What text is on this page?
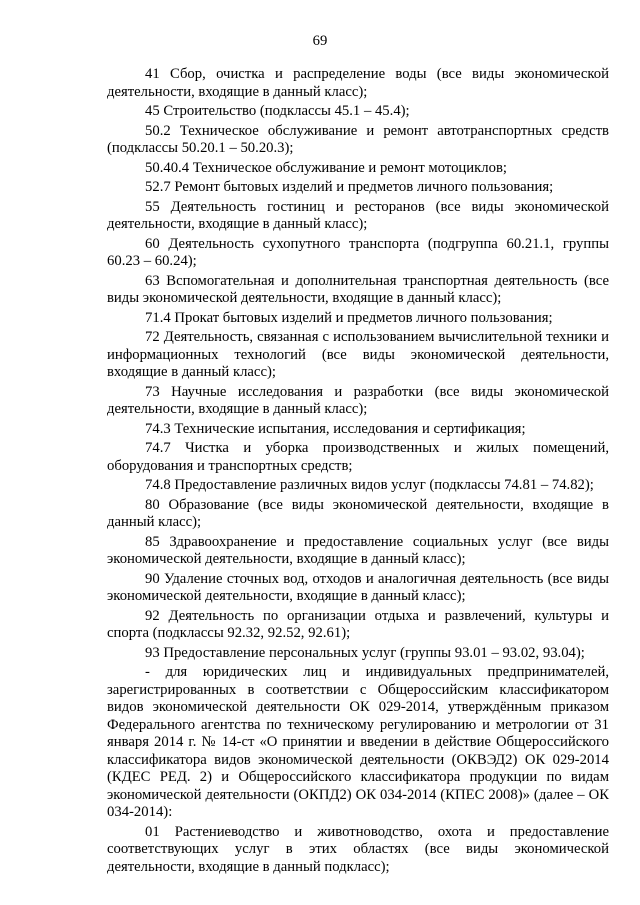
69

41 Сбор, очистка и распределение воды (все виды экономической деятельности, входящие в данный класс);

45 Строительство (подклассы 45.1 – 45.4);

50.2 Техническое обслуживание и ремонт автотранспортных средств (подклассы 50.20.1 – 50.20.3);

50.40.4 Техническое обслуживание и ремонт мотоциклов;

52.7 Ремонт бытовых изделий и предметов личного пользования;

55 Деятельность гостиниц и ресторанов (все виды экономической деятельности, входящие в данный класс);

60 Деятельность сухопутного транспорта (подгруппа 60.21.1, группы 60.23 – 60.24);

63 Вспомогательная и дополнительная транспортная деятельность (все виды экономической деятельности, входящие в данный класс);

71.4 Прокат бытовых изделий и предметов личного пользования;

72 Деятельность, связанная с использованием вычислительной техники и информационных технологий (все виды экономической деятельности, входящие в данный класс);

73 Научные исследования и разработки (все виды экономической деятельности, входящие в данный класс);

74.3 Технические испытания, исследования и сертификация;

74.7 Чистка и уборка производственных и жилых помещений, оборудования и транспортных средств;

74.8 Предоставление различных видов услуг (подклассы 74.81 – 74.82);

80 Образование (все виды экономической деятельности, входящие в данный класс);

85 Здравоохранение и предоставление социальных услуг (все виды экономической деятельности, входящие в данный класс);

90 Удаление сточных вод, отходов и аналогичная деятельность (все виды экономической деятельности, входящие в данный класс);

92 Деятельность по организации отдыха и развлечений, культуры и спорта (подклассы 92.32, 92.52, 92.61);

93 Предоставление персональных услуг (группы 93.01 – 93.02, 93.04);

- для юридических лиц и индивидуальных предпринимателей, зарегистрированных в соответствии с Общероссийским классификатором видов экономической деятельности ОК 029-2014, утверждённым приказом Федерального агентства по техническому регулированию и метрологии от 31 января 2014 г. № 14-ст «О принятии и введении в действие Общероссийского классификатора видов экономической деятельности (ОКВЭД2) ОК 029-2014 (КДЕС РЕД. 2) и Общероссийского классификатора продукции по видам экономической деятельности (ОКПД2) ОК 034-2014 (КПЕС 2008)» (далее – ОК 034-2014):

01 Растениеводство и животноводство, охота и предоставление соответствующих услуг в этих областях (все виды экономической деятельности, входящие в данный подкласс);
